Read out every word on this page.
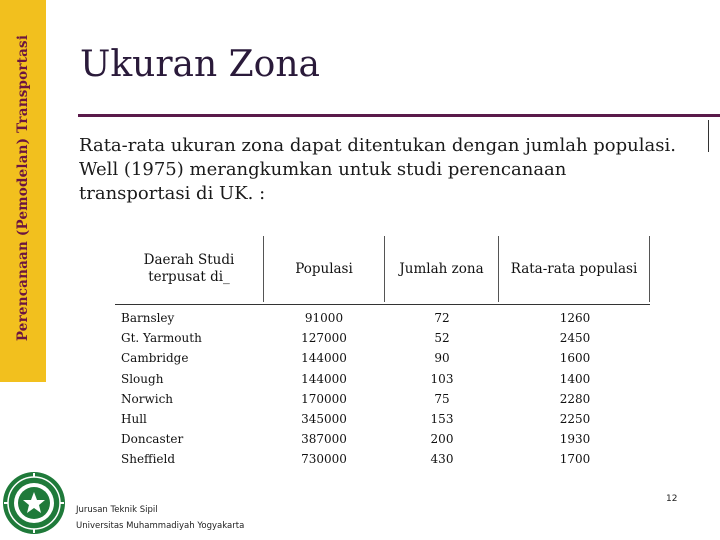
Perencanaan (Pemodelan) Transportasi Ukuran Zona

Rata-rata ukuran zona dapat ditentukan dengan jumlah populasi.
Well (1975) merangkumkan untuk studi perencanaan
transportasi di UK. :

Daerah Studi
terpusat di_
Populasi	Jumlah zona	Rata-rata populasi
Barnsley
Gt. Yarmouth
Cambridge
Slough
Norwich
Hull
Doncaster
Sheffield
91000
127000
144000
144000
170000
345000
387000
730000
72
52
90
103
75
153
200
430
1260
2450
1600
1400
2280
2250
1930
1700
Jurusan Teknik Sipil
Universitas Muhammadiyah Yogyakarta
12
